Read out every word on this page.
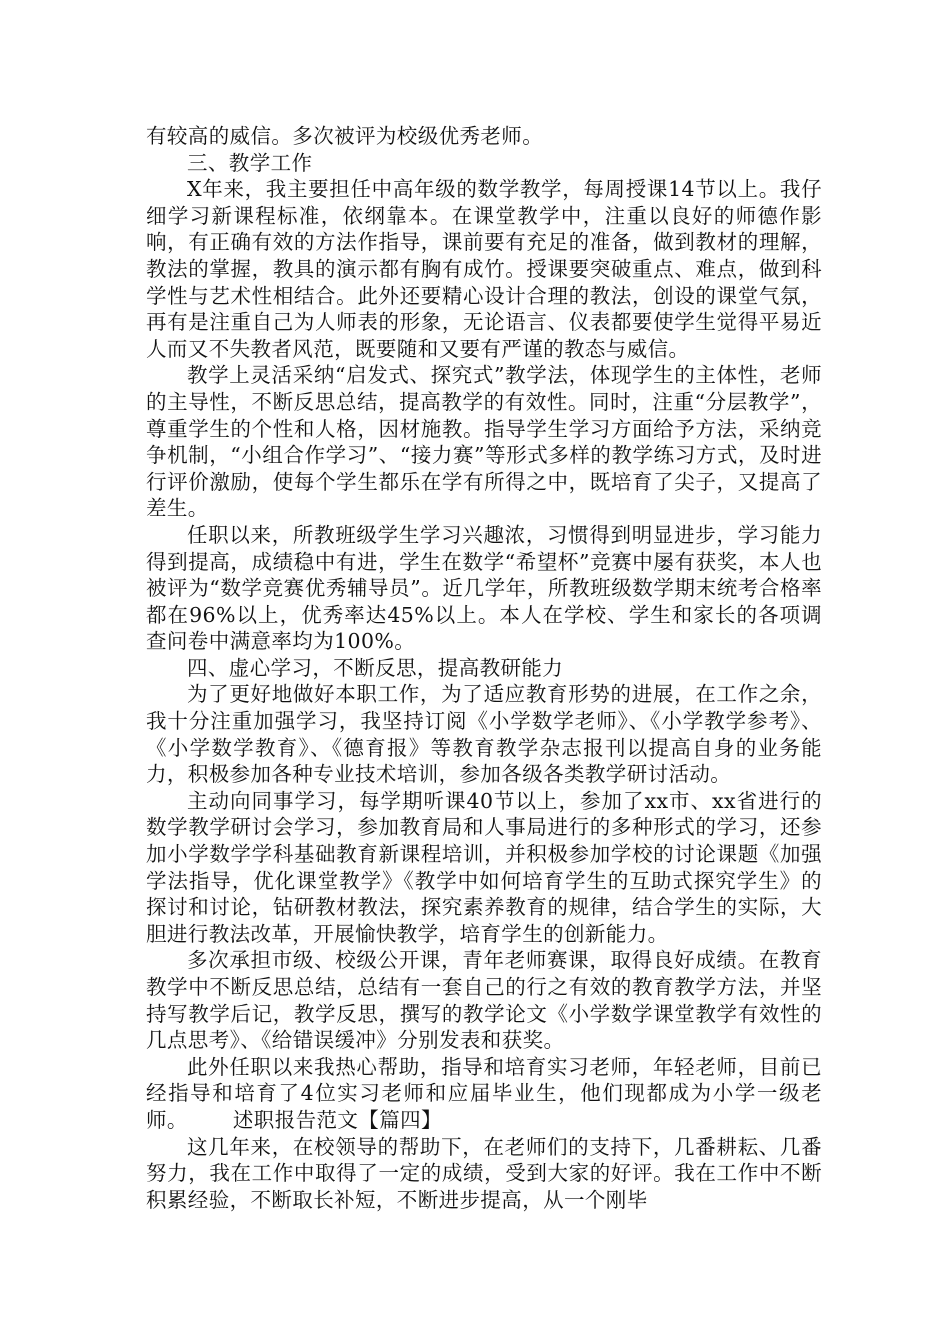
有较高的威信。多次被评为校级优秀老师。

三、教学工作

X年来，我主要担任中高年级的数学教学，每周授课14节以上。我仔细学习新课程标准，依纲靠本。在课堂教学中，注重以良好的师德作影响，有正确有效的方法作指导，课前要有充足的准备，做到教材的理解，教法的掌握，教具的演示都有胸有成竹。授课要突破重点、难点，做到科学性与艺术性相结合。此外还要精心设计合理的教法，创设的课堂气氛，再有是注重自己为人师表的形象，无论语言、仪表都要使学生觉得平易近人而又不失教者风范，既要随和又要有严谨的教态与威信。

教学上灵活采纳“启发式、探究式”教学法，体现学生的主体性，老师的主导性，不断反思总结，提高教学的有效性。同时，注重“分层教学”，尊重学生的个性和人格，因材施教。指导学生学习方面给予方法，采纳竞争机制，“小组合作学习”、“接力赛”等形式多样的教学练习方式，及时进行评价激励，使每个学生都乐在学有所得之中，既培育了尖子，又提高了差生。

任职以来，所教班级学生学习兴趣浓，习惯得到明显进步，学习能力得到提高，成绩稳中有进，学生在数学“希望杯”竞赛中屡有获奖，本人也被评为“数学竞赛优秀辅导员”。近几学年，所教班级数学期末统考合格率都在96%以上，优秀率达45%以上。本人在学校、学生和家长的各项调查问卷中满意率均为100%。

四、虚心学习，不断反思，提高教研能力

为了更好地做好本职工作，为了适应教育形势的进展，在工作之余，我十分注重加强学习，我坚持订阅《小学数学老师》、《小学教学参考》、《小学数学教育》、《德育报》等教育教学杂志报刊以提高自身的业务能力，积极参加各种专业技术培训，参加各级各类教学研讨活动。

主动向同事学习，每学期听课40节以上，参加了xx市、xx省进行的数学教学研讨会学习，参加教育局和人事局进行的多种形式的学习，还参加小学数学学科基础教育新课程培训，并积极参加学校的讨论课题《加强学法指导，优化课堂教学》《教学中如何培育学生的互助式探究学生》的探讨和讨论，钻研教材教法，探究素养教育的规律，结合学生的实际，大胆进行教法改革，开展愉快教学，培育学生的创新能力。

多次承担市级、校级公开课，青年老师赛课，取得良好成绩。在教育教学中不断反思总结，总结有一套自己的行之有效的教育教学方法，并坚持写教学后记，教学反思，撰写的教学论文《小学数学课堂教学有效性的几点思考》、《给错误缓冲》分别发表和获奖。

此外任职以来我热心帮助，指导和培育实习老师，年轻老师，目前已经指导和培育了4位实习老师和应届毕业生，他们现都成为小学一级老师。 述职报告范文【篇四】

这几年来，在校领导的帮助下，在老师们的支持下，几番耕耘、几番努力，我在工作中取得了一定的成绩，受到大家的好评。我在工作中不断积累经验，不断取长补短，不断进步提高，从一个刚毕
